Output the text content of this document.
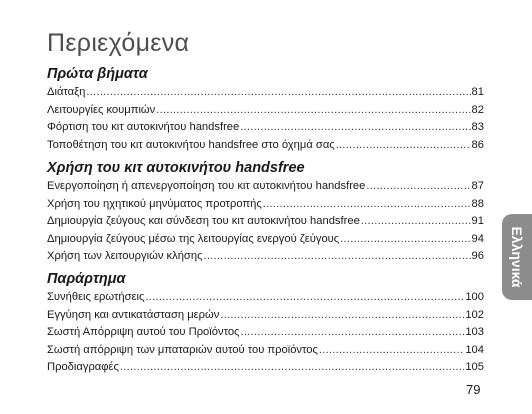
Περιεχόμενα
Πρώτα βήματα
Διάταξη .....	81
Λειτουργίες κουμπιών .....	82
Φόρτιση του κιτ αυτοκινήτου handsfree .....	83
Τοποθέτηση του κιτ αυτοκινήτου handsfree στο όχημά σας .....	86
Χρήση του κιτ αυτοκινήτου handsfree
Ενεργοποίηση ή απενεργοποίηση του κιτ αυτοκινήτου handsfree .....	87
Χρήση του ηχητικού μηνύματος προτροπής .....	88
Δημιουργία ζεύγους και σύνδεση του κιτ αυτοκινήτου handsfree .....	91
Δημιουργία ζεύγους μέσω της λειτουργίας ενεργού ζεύγους .....	94
Χρήση των λειτουργιών κλήσης .....	96
Παράρτημα
Συνήθεις ερωτήσεις .....	100
Εγγύηση και αντικατάσταση μερών .....	102
Σωστή Απόρριψη αυτού του Προϊόντος .....	103
Σωστή απόρριψη των μπαταριών αυτού του προϊόντος .....	104
Προδιαγραφές .....	105
Ελληνικά
79
